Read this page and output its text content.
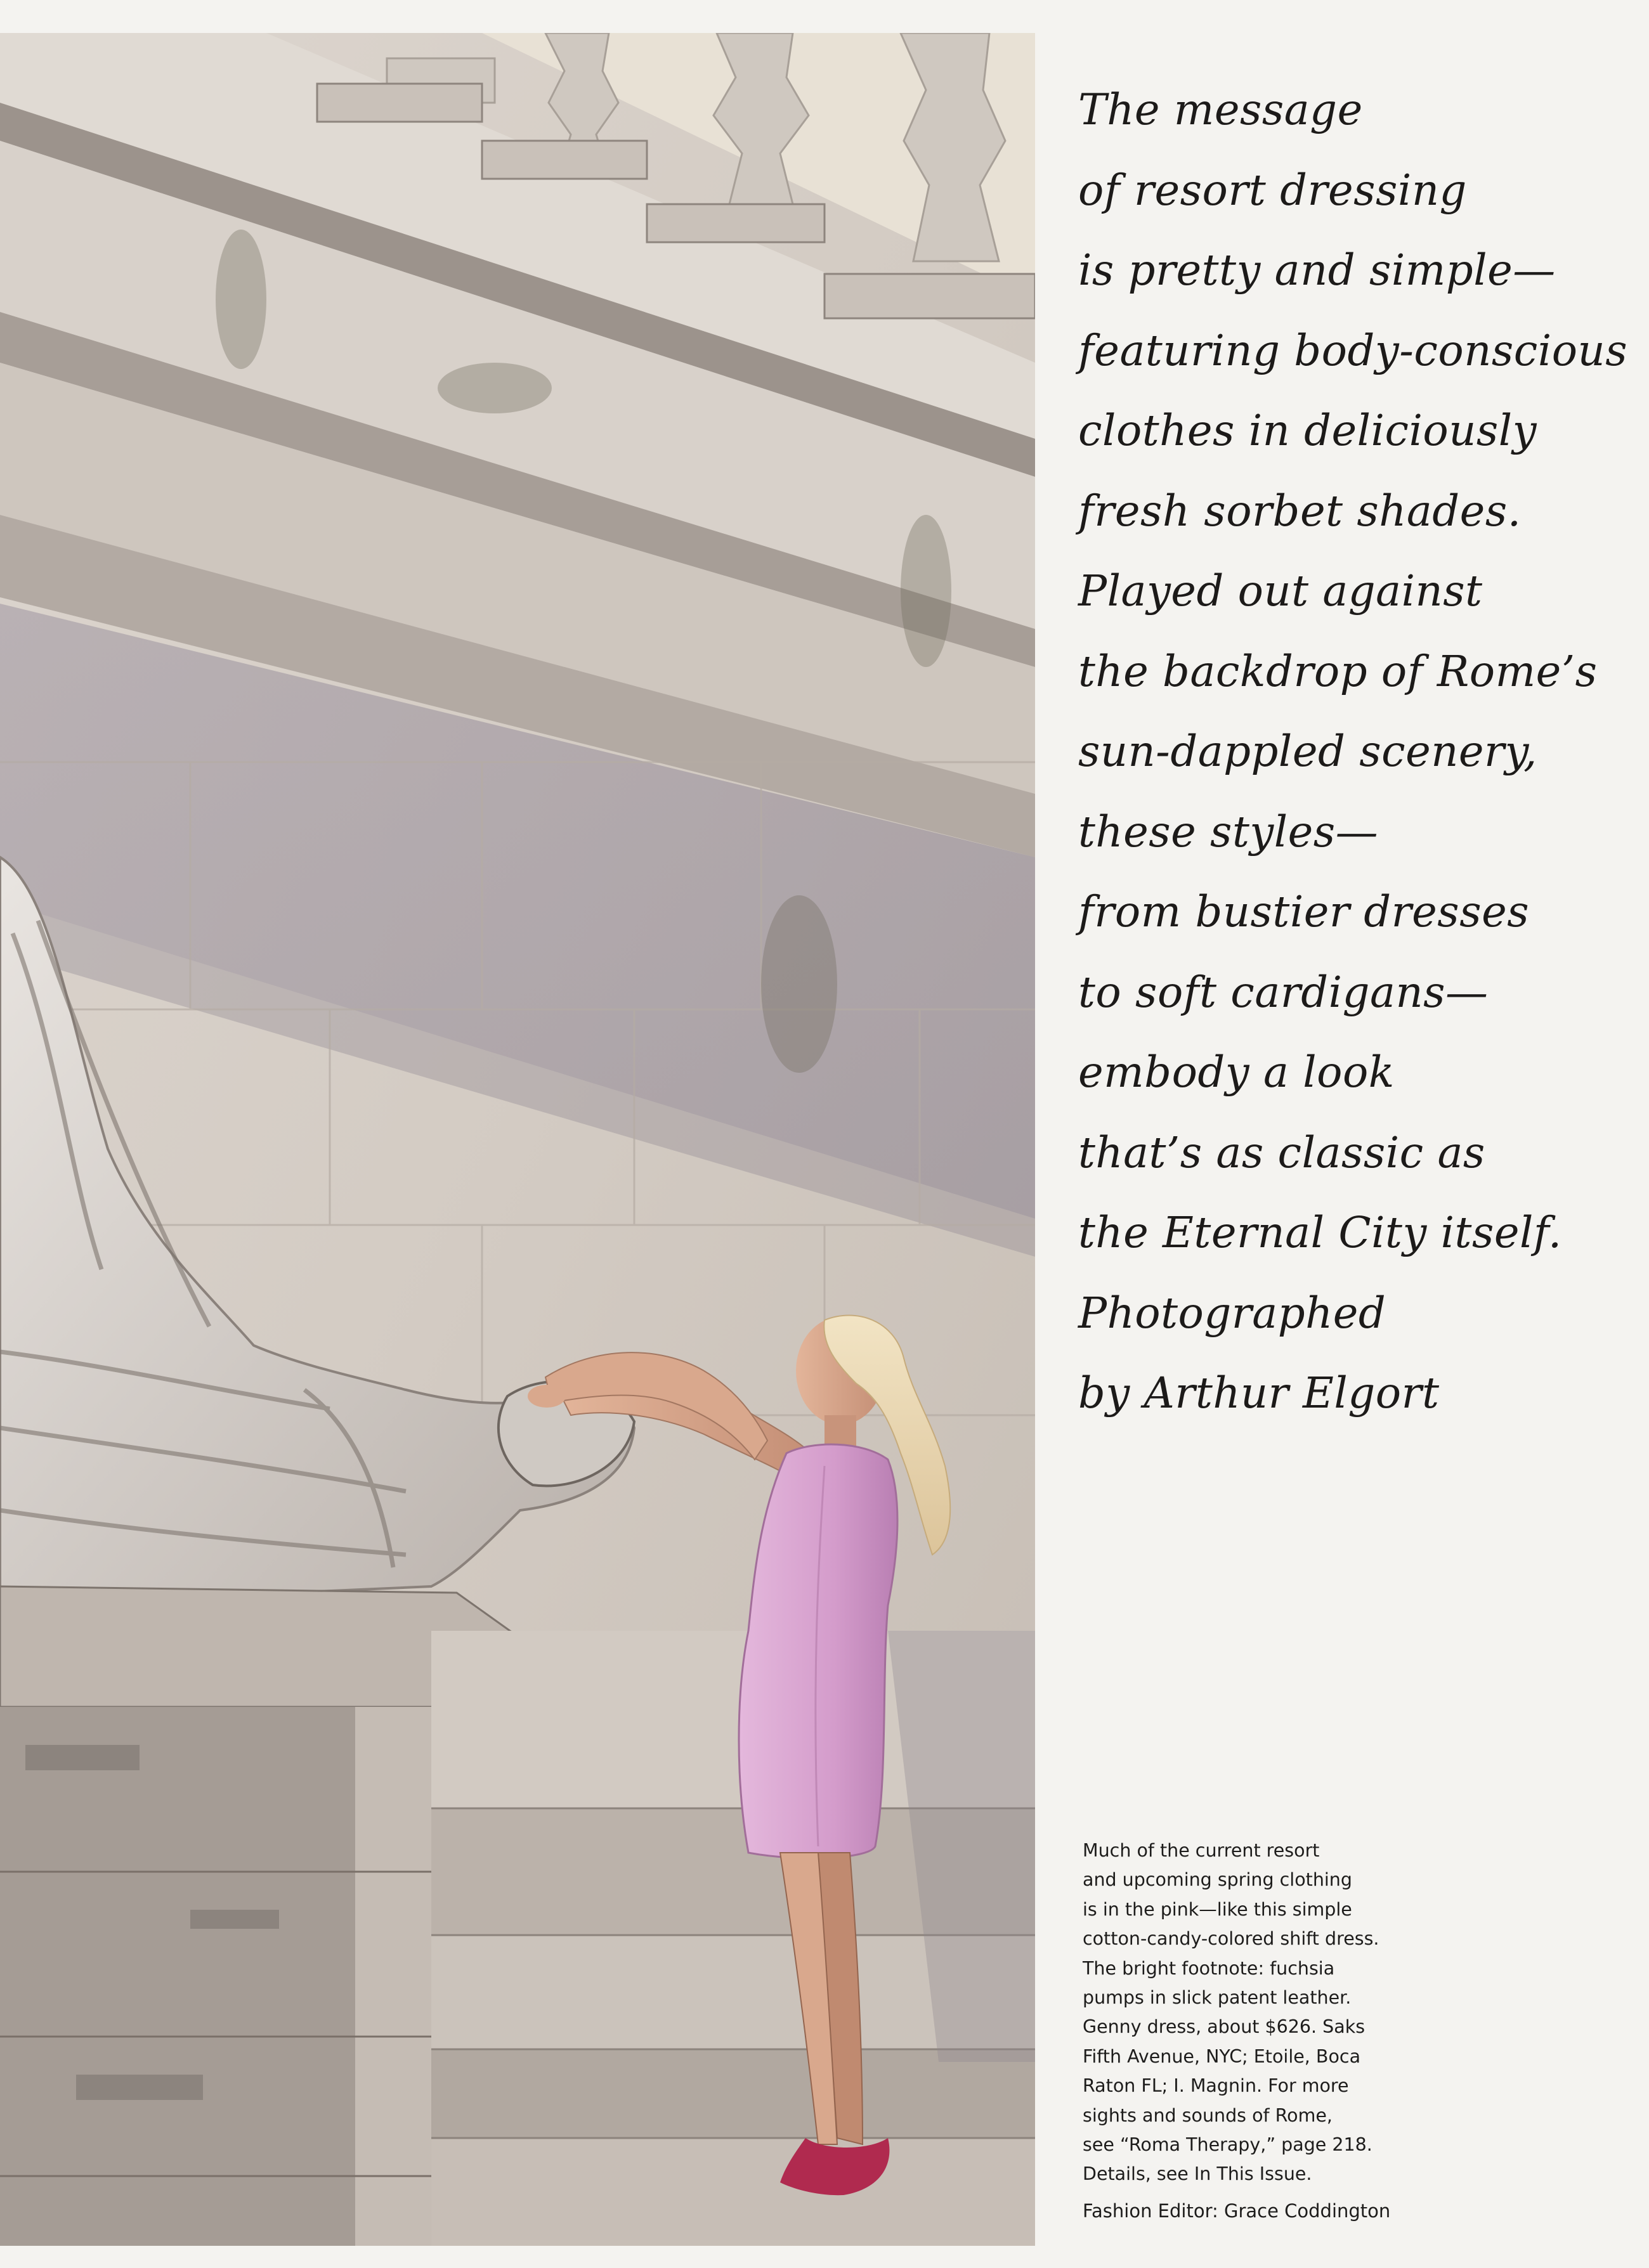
The message
of resort dressing
is pretty and simple—
featuring body-conscious
clothes in deliciously
fresh sorbet shades.
Played out against
the backdrop of Rome’s
sun-dappled scenery,
these styles—
from bustier dresses
to soft cardigans—
embody a look
that’s as classic as
the Eternal City itself.
Photographed
by Arthur Elgort
Much of the current resort
and upcoming spring clothing
is in the pink—like this simple
cotton-candy-colored shift dress.
The bright footnote: fuchsia
pumps in slick patent leather.
Genny dress, about $626. Saks
Fifth Avenue, NYC; Etoile, Boca
Raton FL; I. Magnin. For more
sights and sounds of Rome,
see “Roma Therapy,” page 218.
Details, see In This Issue.
Fashion Editor: Grace Coddington
